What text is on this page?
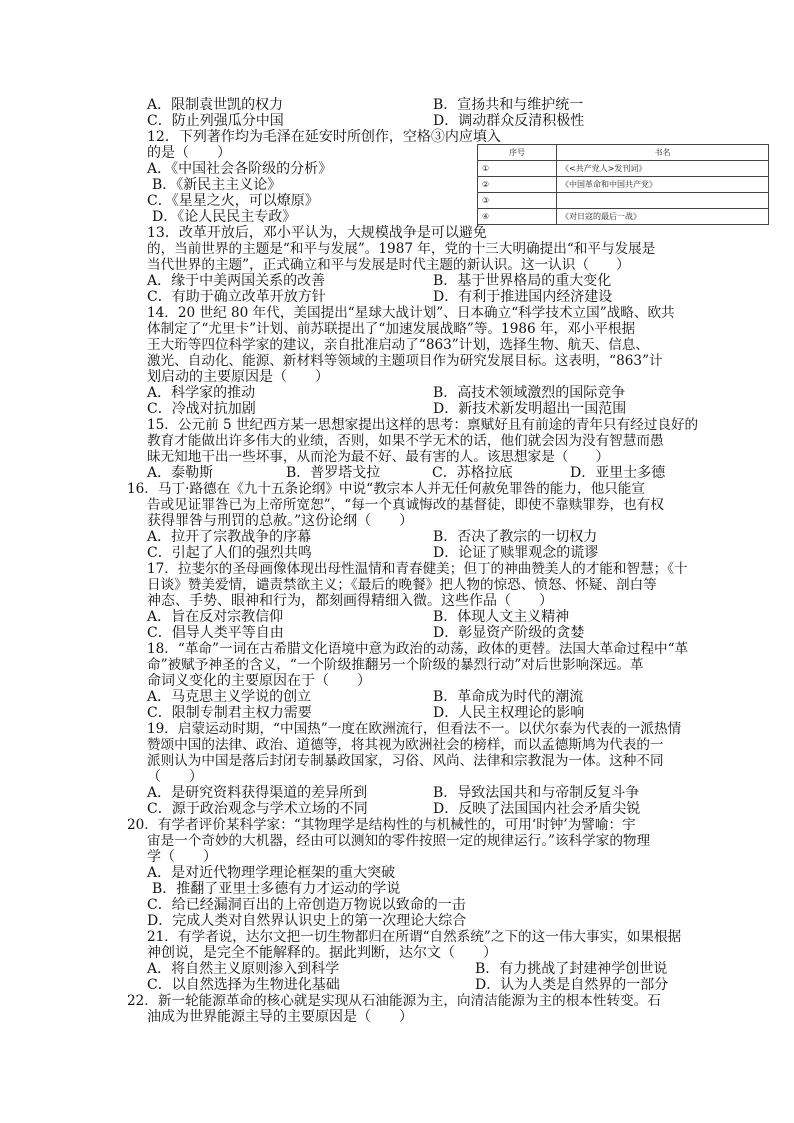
A．限制袁世凯的权力	B．宣扬共和与维护统一
C．防止列强瓜分中国	D．调动群众反清积极性
12．下列著作均为毛泽在延安时所创作，空格③内应填入
的是（　　）
A．《中国社会各阶级的分析》
B．《新民主主义论》
C．《星星之火，可以燎原》
D．《论人民民主专政》
序号	书名
①	《<共产党人>发刊词》
②	《中国革命和中国共产党》
③	
④	《对日寇的最后一战》
13．改革开放后，邓小平认为，大规模战争是可以避免
的，当前世界的主题是“和平与发展”。1987 年，党的十三大明确提出“和平与发展是
当代世界的主题”，正式确立和平与发展是时代主题的新认识。这一认识（　　）
A．缘于中美两国关系的改善	B．基于世界格局的重大变化
C．有助于确立改革开放方针	D．有利于推进国内经济建设
14．20 世纪 80 年代，美国提出“星球大战计划”、日本确立“科学技术立国”战略、欧共
体制定了“尤里卡”计划、前苏联提出了“加速发展战略”等。1986 年，邓小平根据
王大珩等四位科学家的建议，亲自批准启动了“863”计划，选择生物、航天、信息、
激光、自动化、能源、新材料等领域的主题项目作为研究发展目标。这表明，“863”计
划启动的主要原因是（　　）
A．科学家的推动	B．高技术领域激烈的国际竞争
C．冷战对抗加剧	D．新技术新发明超出一国范围
15．公元前 5 世纪西方某一思想家提出这样的思考：禀赋好且有前途的青年只有经过良好的
教育才能做出许多伟大的业绩，否则，如果不学无术的话，他们就会因为没有智慧而愚
昧无知地干出一些坏事，从而沦为最不好、最有害的人。该思想家是（　　）
A．泰勒斯	B．普罗塔戈拉	C．苏格拉底	D．亚里士多德
16．马丁·路德在《九十五条论纲》中说“教宗本人并无任何赦免罪咎的能力，他只能宣
告或见证罪咎已为上帝所宽恕”，“每一个真诚悔改的基督徒，即使不靠赎罪券，也有权
获得罪咎与刑罚的总赦。”这份论纲（　　）
A．拉开了宗教战争的序幕	B．否决了教宗的一切权力
C．引起了人们的强烈共鸣	D．论证了赎罪观念的谎谬
17．拉斐尔的圣母画像体现出母性温情和青春健美；但丁的神曲赞美人的才能和智慧；《十
日谈》赞美爱情，谴责禁欲主义；《最后的晚餐》把人物的惊恐、愤怒、怀疑、剖白等
神态、手势、眼神和行为，都刻画得精细入微。这些作品（　　）
A．旨在反对宗教信仰	B．体现人文主义精神
C．倡导人类平等自由	D．彰显资产阶级的贪婪
18．“革命”一词在古希腊文化语境中意为政治的动荡，政体的更替。法国大革命过程中“革
命”被赋予神圣的含义，“一个阶级推翻另一个阶级的暴烈行动”对后世影响深远。革
命词义变化的主要原因在于（　　）
A．马克思主义学说的创立	B．革命成为时代的潮流
C．限制专制君主权力需要	D．人民主权理论的影响
19．启蒙运动时期，“中国热”一度在欧洲流行，但看法不一。以伏尔泰为代表的一派热情
赞颂中国的法律、政治、道德等，将其视为欧洲社会的榜样，而以孟德斯鸠为代表的一
派则认为中国是落后封闭专制暴政国家，习俗、风尚、法律和宗教混为一体。这种不同
（　　）
A．是研究资料获得渠道的差异所到	B．导致法国共和与帝制反复斗争
C．源于政治观念与学术立场的不同	D．反映了法国国内社会矛盾尖锐
20．有学者评价某科学家：“其物理学是结构性的与机械性的，可用‘时钟’为譬喻：宇
宙是一个奇妙的大机器，经由可以测知的零件按照一定的规律运行。”该科学家的物理
学（　　）
A．是对近代物理学理论框架的重大突破
B．推翻了亚里士多德有力才运动的学说
C．给已经漏洞百出的上帝创造万物说以致命的一击
D．完成人类对自然界认识史上的第一次理论大综合
21．有学者说，达尔文把一切生物都归在所谓“自然系统”之下的这一伟大事实，如果根据
神创说，是完全不能解释的。据此判断，达尔文（　　）
A．将自然主义原则渗入到科学	B．有力挑战了封建神学创世说
C．以自然选择为生物进化基础	D．认为人类是自然界的一部分
22．新一轮能源革命的核心就是实现从石油能源为主，向清洁能源为主的根本性转变。石
油成为世界能源主导的主要原因是（　　）
